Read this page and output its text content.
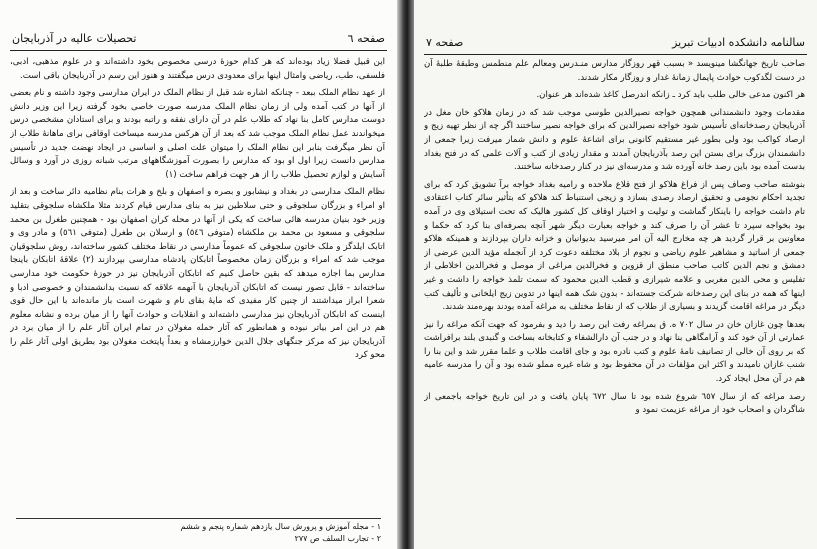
صفحه ٦
تحصیلات عالیه در آذربایجان

این قبیل فضلا زیاد بوده‌اند که هر کدام حوزهٔ درسی مخصوص بخود داشته‌اند و در علوم مذهبی، ادبی، فلسفی، طب، ریاضی وامثال اینها برای معدودی درس میگفتند و هنوز این رسم در آذربایجان باقی است.

از عهد نظام الملک ببعد - چنانکه اشاره شد قبل از نظام الملک در ایران مدارسی وجود داشته و نام بعضی از آنها در کتب آمده ولی از زمان نظام الملک مدرسه صورت خاصی بخود گرفته زیرا این وزیر دانش دوست مدارس کامل بنا نهاد که طلاب علم در آن دارای نفقه و راتبه بودند و برای استادان مشخصی درس میخواندند عمل نظام الملک موجب شد که بعد از آن هرکس مدرسه میساخت اوقافی برای ماهانهٔ طلاب از آن نظر میگرفت بنابر این نظام الملک را میتوان علت اصلی و اساسی در ایجاد نهضت جدید در تأسیس مدارس دانست زیرا اول او بود که مدارس را بصورت آموزشگاههای مرتب شبانه روزی در آورد و وسائل آسایش و لوازم تحصیل طلاب را از هر جهت فراهم ساخت (١)

نظام الملک مدارسی در بغداد و نیشابور و بصره و اصفهان و بلخ و هرات بنام نظامیه دائر ساخت و بعد از او امراء و بزرگان سلجوقی و حتی سلاطین نیز به بنای مدارس قیام کردند مثلا ملکشاه سلجوقی بتقلید وزیر خود بنیان مدرسه هائی ساخت که یکی از آنها در محله کران اصفهان بود - همچنین طغرل بن محمد سلجوقی و مسعود بن محمد بن ملکشاه (متوفی ٥٤٦) و ارسلان بن طغرل (متوفی ٥٦١) و مادر وی و اتابک ایلدگز و ملک خاتون سلجوقی که عموماً مدارسی در نقاط مختلف کشور ساخته‌اند، روش سلجوقیان موجب شد که امراء و بزرگان زمان مخصوصاً اتابکان پادشاه مدارسی بپردازند (٢) علاقهٔ اتابکان باینجا مدارس بما اجازه میدهد که بقین حاصل کنیم که اتابکان آذربایجان نیز در حوزهٔ حکومت خود مدارسی ساخته‌اند - قابل تصور نیست که اتابکان آذربایجان با آنهمه علاقه که نسبت بدانشمندان و خصوصی ادبا و شعرا ابراز میداشتند از چنین کار مفیدی که مایهٔ بقای نام و شهرت است باز مانده‌اند با این حال قوی اینست که اتابکان آذربایجان نیز مدارسی داشته‌اند و انقلابات و حوادث آنها را از میان برده و نشانه معلوم هم در این امر بیاتر نبوده و همانطور که آثار حمله مغولان در تمام ایران آثار علم را از میان برد در آذربایجان نیز که مرکز جنگهای جلال الدین خوارزمشاه و بعداً پایتخت مغولان بود بطریق اولی آثار علم را محو کرد

١ - مجله آموزش و پرورش سال یازدهم شماره پنجم و ششم
٢ - تجارب السلف ص ٢٧٧
سالنامه دانشکده ادبیات تبریز
صفحه ٧

صاحب تاریخ جهانگشا مینویسد « بسبب قهر روزگار مدارس منـدرس ومعالم علم منطمس وطبقهٔ طلبهٔ آن در دست لگدکوب حوادث پایمال زمانهٔ غدار و روزگار مکار شدند.

هر اکنون مدعی خالی طلب باید کرد ـ زانکه اندرصل کاغذ شده‌اند هر عنوان.

مقدمات وجود دانشمندانی همچون خواجه نصیرالدین طوسی موجب شد که در زمان هلاکو خان مغل در آذربایجان رصدخانه‌ای تأسیس شود خواجه نصیرالدین که برای خواجه نصیر ساختند اگر چه از نظر تهیه زیج و ارصاد کواکب بود ولی بطور غیر مستقیم کانونی برای اشاعهٔ علوم و دانش شمار میرفت زیرا جمعی از دانشمندان بزرگ برای بستن این رصد بآذربایجان آمدند و مقدار زیادی از کتب و آلات علمی که در فتح بغداد بدست آمده بود باین رصد خانه آورده شد و مدرسه‌ای نیز در کنار رصدخانه ساختند.

بنوشته صاحب وصاف پس از فراغ هلاکو از فتح قلاع ملاحده و رامیه بغداد خواجه برآ تشویق کرد که برای تجدید احکام نجومی و تحقیق ارصاد رصدی بسازد و زیجی استنباط کند هلاکو که بتأثیر سائر کتاب اعتقادی تام داشت خواجه را باینکار گماشت و تولیت و اختیار اوقاف کل کشور هالیک که تحت استیلای وی در آمده بود بخواجه سپرد تا عشر آن را صرف کند و خواجه بعبارت دیگر شهر آنچه بصرفه‌ای بنا کرد که حکما و معاونین بر قرار گردید هر چه مخارج الیه آن امر میرسید بدیوانیان و خزانه داران بپردازند و همینکه هلاکو جمعی از اساتید و مشاهیر علوم ریاضی و نجوم از بلاد مختلفه دعوت کرد از آنجمله مؤید الدین عرضی از دمشق و نجم الدین کاتب صاحب منطق از قزوین و فخرالدین مراغی از موصل و فخرالدین اخلاطی از تفلیس و محی الدین مغربی و علامه شیرازی و قطب الدین محمود که سمت تلمذ خواجه را داشت و غیر اینها که همه در بنای این رصدخانه شرکت جسته‌اند - بدون شک همه اینها در تدوین زیج ایلخانی و تألیف کتب دیگر در مراغه اقامت گزیدند و بسیاری از طلاب که از نقاط مختلف به مراغه آمده بودند بهره‌مند شدند.

بعدها چون غازان خان در سال ٧٠٢ ه. ق بمراغه رفت این رصد را دید و بفرمود که جهت آنکه مراغه را نیز عمارتی از آن خود کند و آرامگاهی بنا نهاد و در جنب آن دارالشفاء و کتابخانه بساخت و گنبدی بلند برافراشت که بر روی آن خالی از تصانیف نامهٔ علوم و کتب نادره بود و جای اقامت طلاب و علما مقرر شد و این بنا را شنب غازان نامیدند و اکثر این مؤلفات در آن محفوظ بود و شاه غیره مملو شده بود و آن را مدرسه عامیه هم در آن محل ایجاد کرد.

رصد مراغه که از سال ٦٥٧ شروع شده بود تا سال ٦٧٢ پایان یافت و در این تاریخ خواجه باجمعی از شاگردان و اصحاب خود از مراغه عزیمت نمود و
